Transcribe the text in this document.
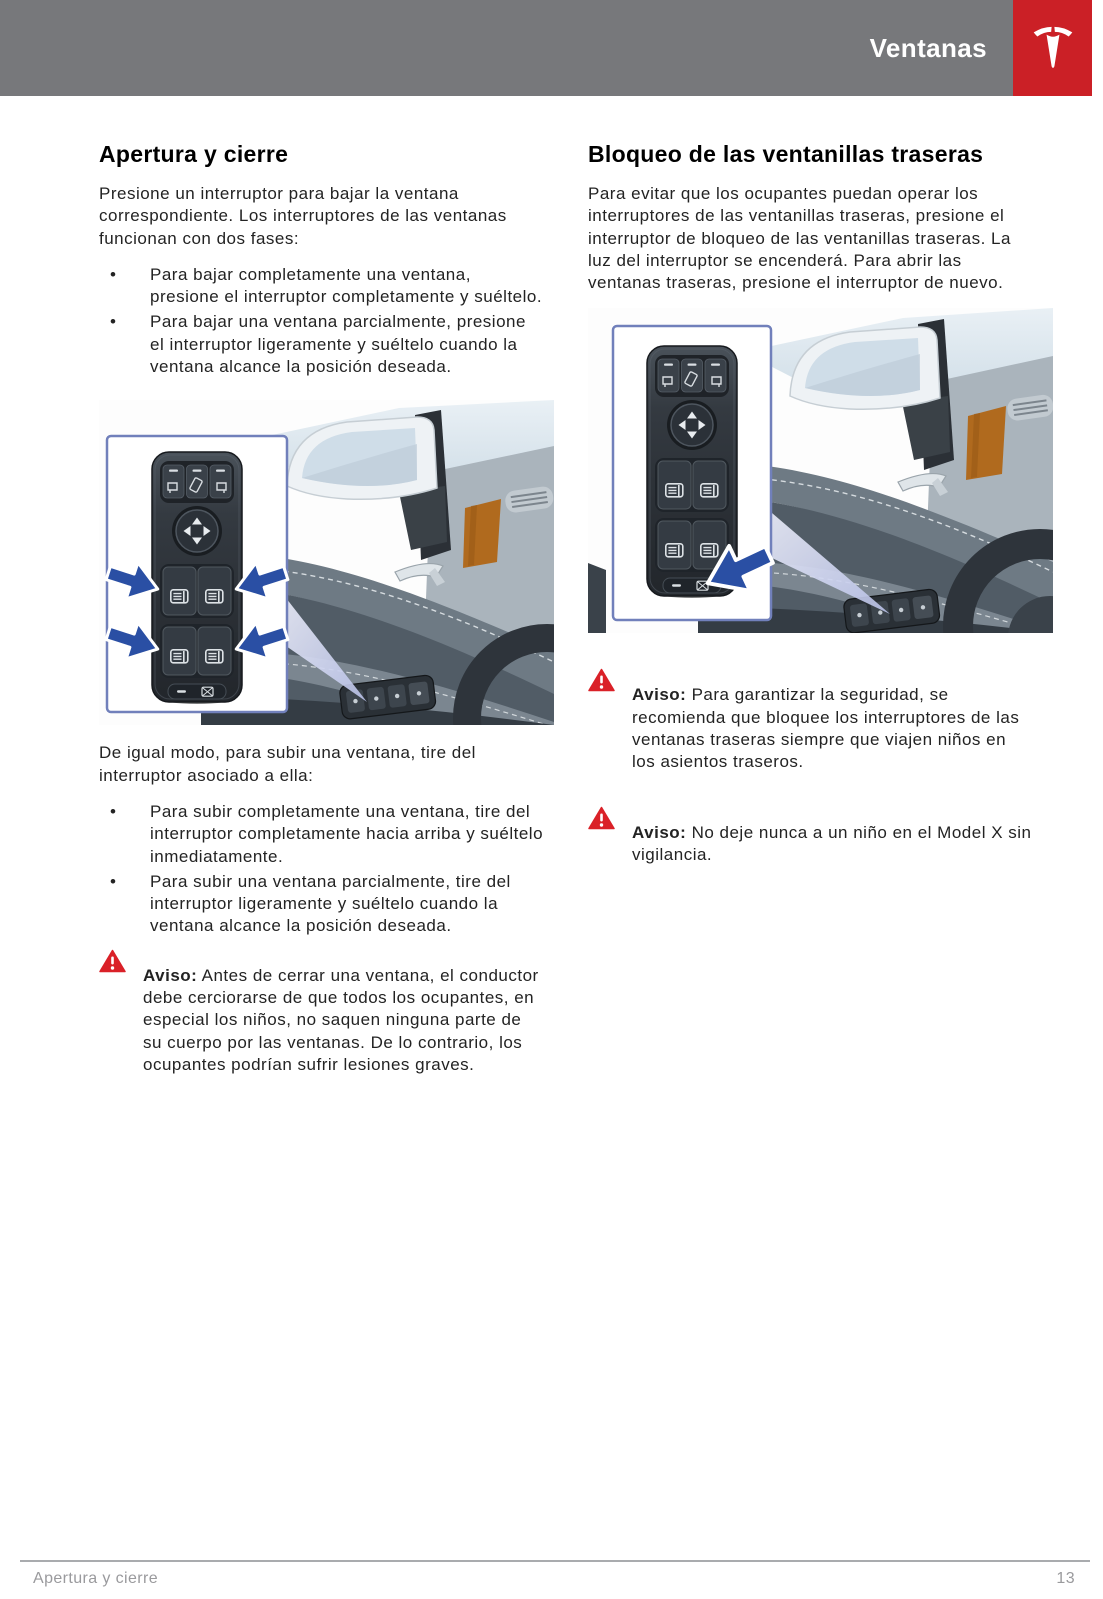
Ventanas
Apertura y cierre

Presione un interruptor para bajar la ventana correspondiente. Los interruptores de las ventanas funcionan con dos fases:

• Para bajar completamente una ventana, presione el interruptor completamente y suéltelo.
• Para bajar una ventana parcialmente, presione el interruptor ligeramente y suéltelo cuando la ventana alcance la posición deseada.

De igual modo, para subir una ventana, tire del interruptor asociado a ella:

• Para subir completamente una ventana, tire del interruptor completamente hacia arriba y suéltelo inmediatamente.
• Para subir una ventana parcialmente, tire del interruptor ligeramente y suéltelo cuando la ventana alcance la posición deseada.

Aviso: Antes de cerrar una ventana, el conductor debe cerciorarse de que todos los ocupantes, en especial los niños, no saquen ninguna parte de su cuerpo por las ventanas. De lo contrario, los ocupantes podrían sufrir lesiones graves.

Bloqueo de las ventanillas traseras

Para evitar que los ocupantes puedan operar los interruptores de las ventanillas traseras, presione el interruptor de bloqueo de las ventanillas traseras. La luz del interruptor se encenderá. Para abrir las ventanas traseras, presione el interruptor de nuevo.

Aviso: Para garantizar la seguridad, se recomienda que bloquee los interruptores de las ventanas traseras siempre que viajen niños en los asientos traseros.

Aviso: No deje nunca a un niño en el Model X sin vigilancia.

Apertura y cierre	13
